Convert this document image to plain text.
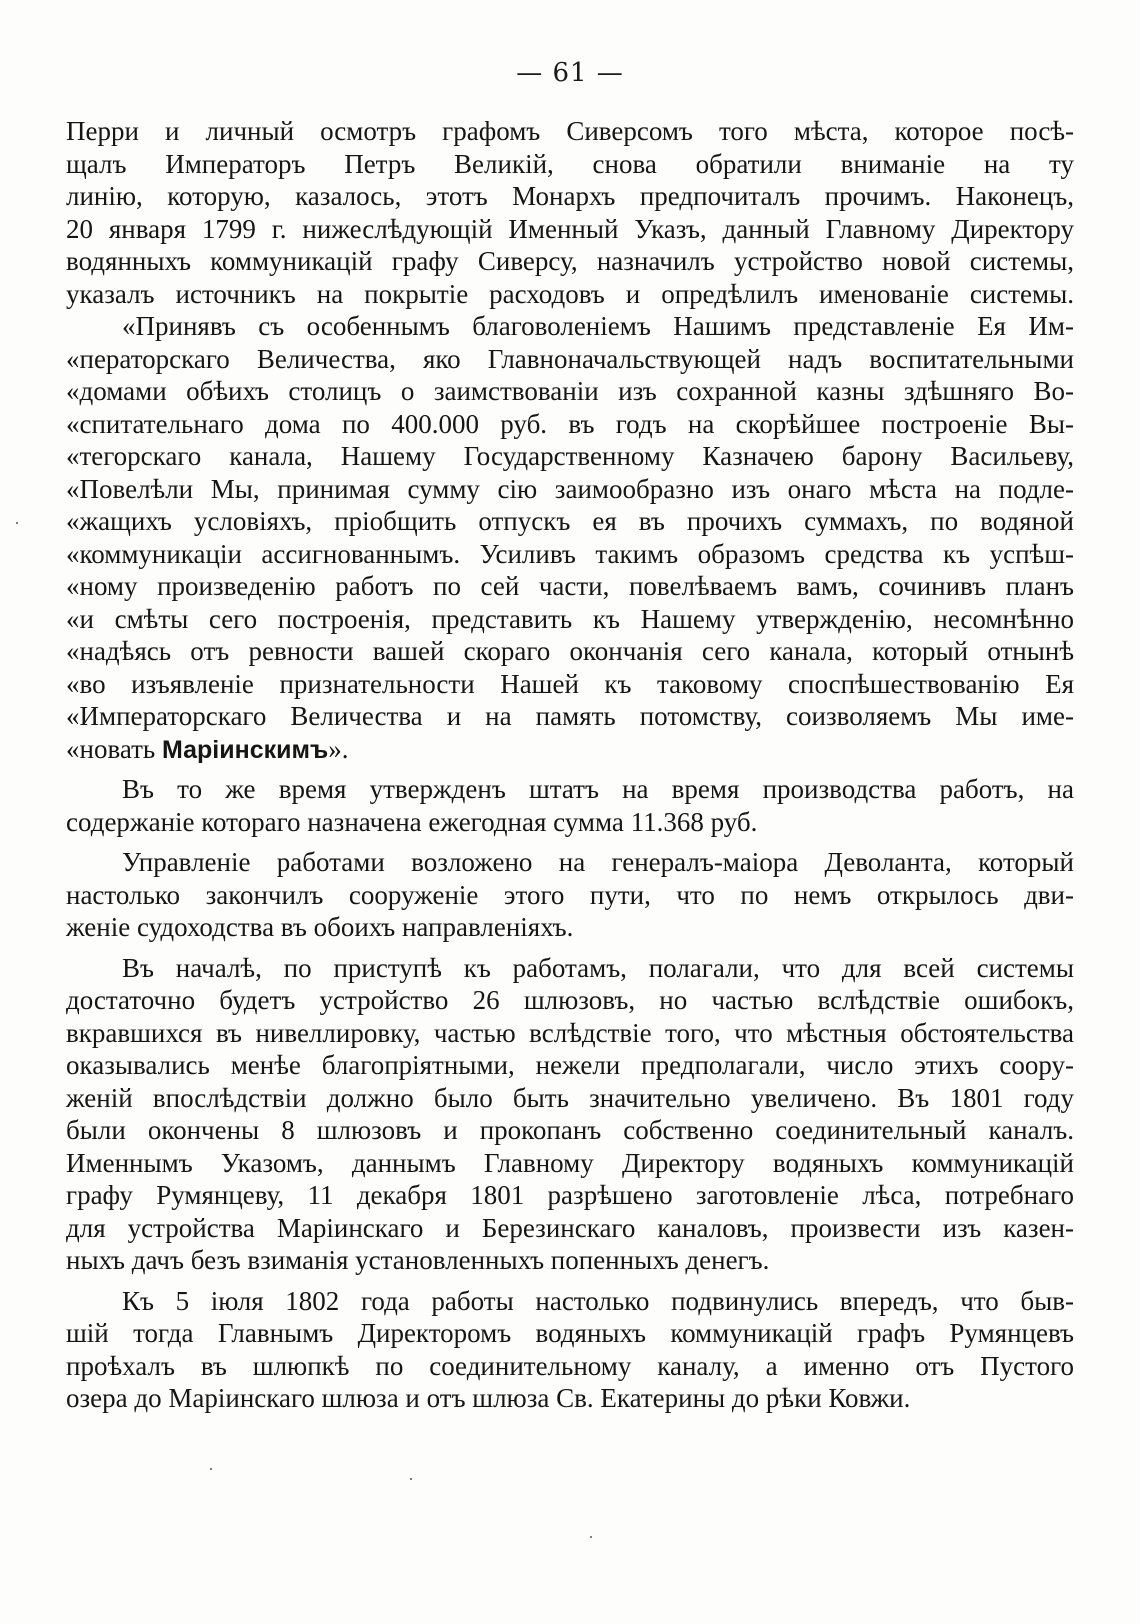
— 61 —
Перри и личный осмотръ графомъ Сиверсомъ того мѣста, которое посѣ-
щалъ Императоръ Петръ Великій, снова обратили вниманіе на ту
линію, которую, казалось, этотъ Монархъ предпочиталъ прочимъ. Наконецъ,
20 января 1799 г. нижеслѣдующій Именный Указъ, данный Главному Директору
водянныхъ коммуникацій графу Сиверсу, назначилъ устройство новой системы,
указалъ источникъ на покрытіе расходовъ и опредѣлилъ именованіе системы.
«Принявъ съ особеннымъ благоволеніемъ Нашимъ представленіе Ея Им-
«ператорскаго Величества, яко Главноначальствующей надъ воспитательными
«домами обѣихъ столицъ о заимствованіи изъ сохранной казны здѣшняго Во-
«спитательнаго дома по 400.000 руб. въ годъ на скорѣйшее построеніе Вы-
«тегорскаго канала, Нашему Государственному Казначею барону Васильеву,
«Повелѣли Мы, принимая сумму сію заимообразно изъ онаго мѣста на подле-
«жащихъ условіяхъ, пріобщить отпускъ ея въ прочихъ суммахъ, по водяной
«коммуникаціи ассигнованнымъ. Усиливъ такимъ образомъ средства къ успѣш-
«ному произведенію работъ по сей части, повелѣваемъ вамъ, сочинивъ планъ
«и смѣты сего построенія, представить къ Нашему утвержденію, несомнѣнно
«надѣясь отъ ревности вашей скораго окончанія сего канала, который отнынѣ
«во изъявленіе признательности Нашей къ таковому споспѣшествованію Ея
«Императорскаго Величества и на память потомству, соизволяемъ Мы име-
«новать Маріинскимъ».
Въ то же время утвержденъ штатъ на время производства работъ, на
содержаніе котораго назначена ежегодная сумма 11.368 руб.
Управленіе работами возложено на генералъ-маіора Деволанта, который
настолько закончилъ сооруженіе этого пути, что по немъ открылось дви-
женіе судоходства въ обоихъ направленіяхъ.
Въ началѣ, по приступѣ къ работамъ, полагали, что для всей системы
достаточно будетъ устройство 26 шлюзовъ, но частью вслѣдствіе ошибокъ,
вкравшихся въ нивеллировку, частью вслѣдствіе того, что мѣстныя обстоятельства
оказывались менѣе благопріятными, нежели предполагали, число этихъ соору-
женій впослѣдствіи должно было быть значительно увеличено. Въ 1801 году
были окончены 8 шлюзовъ и прокопанъ собственно соединительный каналъ.
Именнымъ Указомъ, даннымъ Главному Директору водяныхъ коммуникацій
графу Румянцеву, 11 декабря 1801 разрѣшено заготовленіе лѣса, потребнаго
для устройства Маріинскаго и Березинскаго каналовъ, произвести изъ казен-
ныхъ дачъ безъ взиманія установленныхъ попенныхъ денегъ.
Къ 5 іюля 1802 года работы настолько подвинулись впередъ, что быв-
шій тогда Главнымъ Директоромъ водяныхъ коммуникацій графъ Румянцевъ
проѣхалъ въ шлюпкѣ по соединительному каналу, а именно отъ Пустого
озера до Маріинскаго шлюза и отъ шлюза Св. Екатерины до рѣки Ковжи.
